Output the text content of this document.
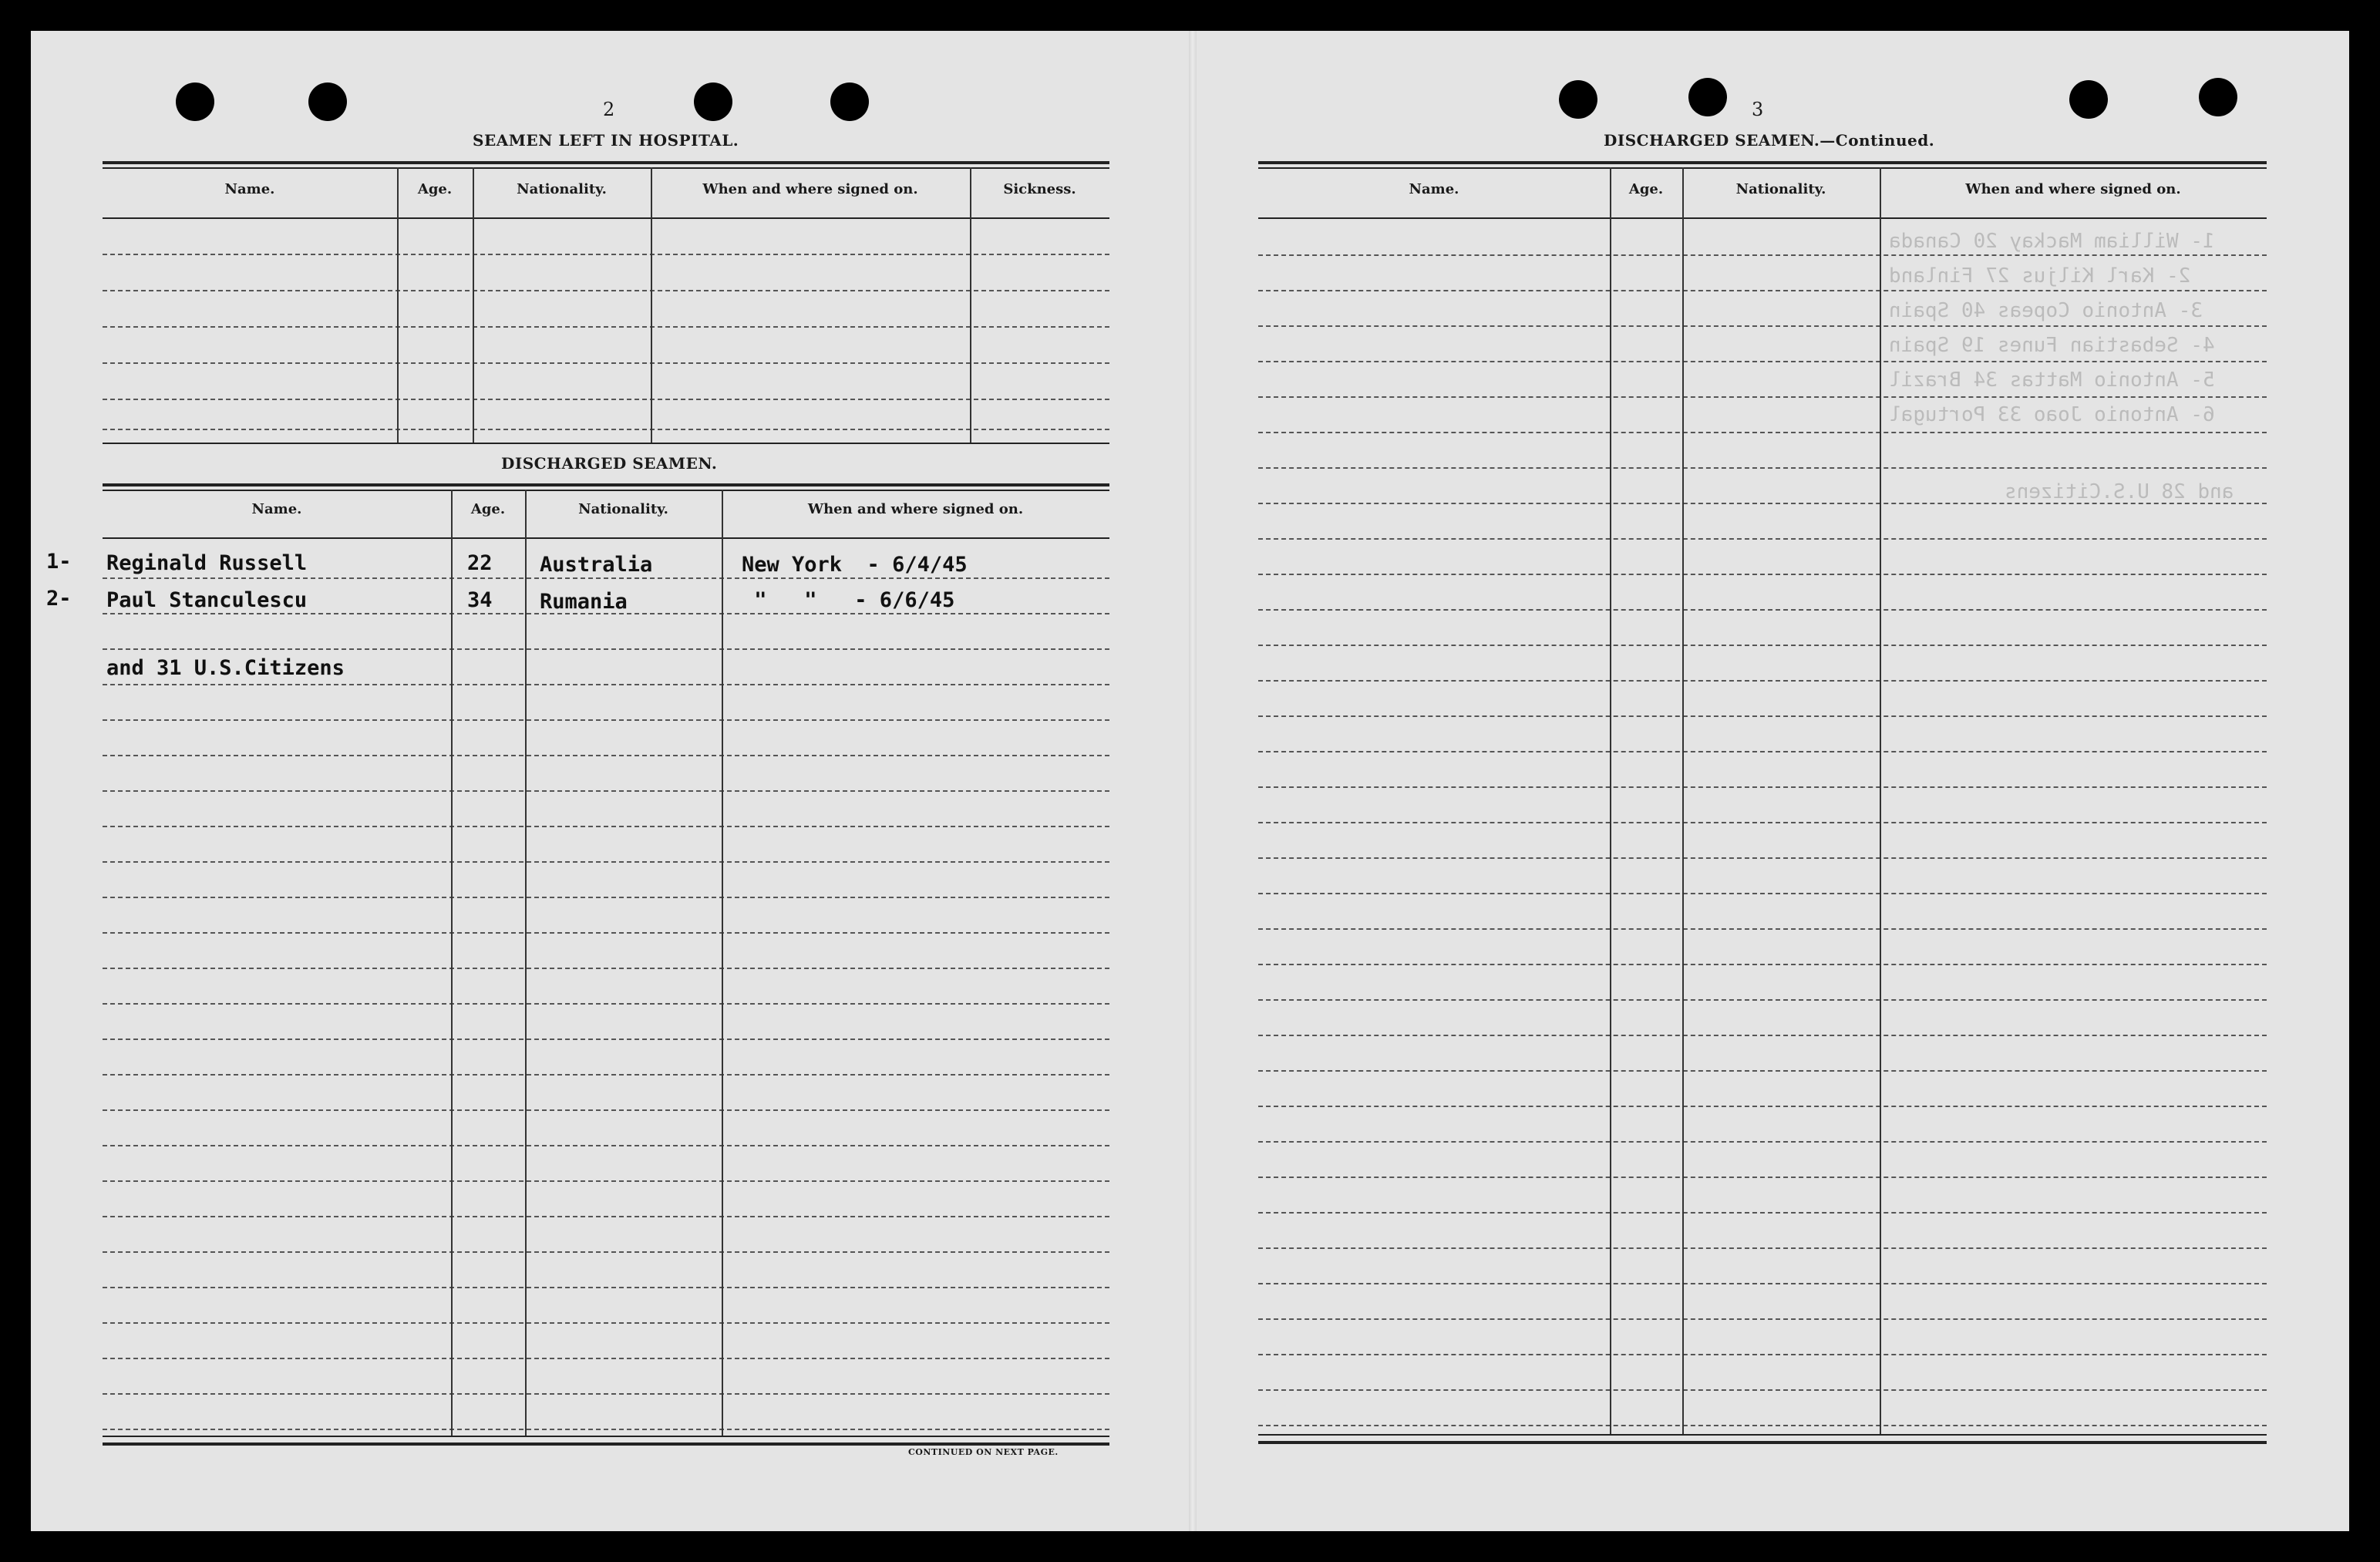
1- William Mackay 20 Canada
2- Karl Kiljus 27 Finland
3- Antonio Copeas 40 Spain
4- Sebastian Funes 19 Spain
5- Antonio Mattas 34 Brazil
6- Antonio Joao 33 Portugal
and 28 U.S.Citizens
2
SEAMEN LEFT IN HOSPITAL.
Name.	Age.	Nationality.	When and where signed on.	Sickness.
DISCHARGED SEAMEN.
Name.	Age.	Nationality.	When and where signed on.
1- Reginald Russell	22 Australia	New York  - 6/4/45
2- Paul Stanculescu	34 Rumania	"   "   - 6/6/45
and 31 U.S.Citizens
CONTINUED ON NEXT PAGE.
3
DISCHARGED SEAMEN.—Continued.
Name.	Age.	Nationality.	When and where signed on.
